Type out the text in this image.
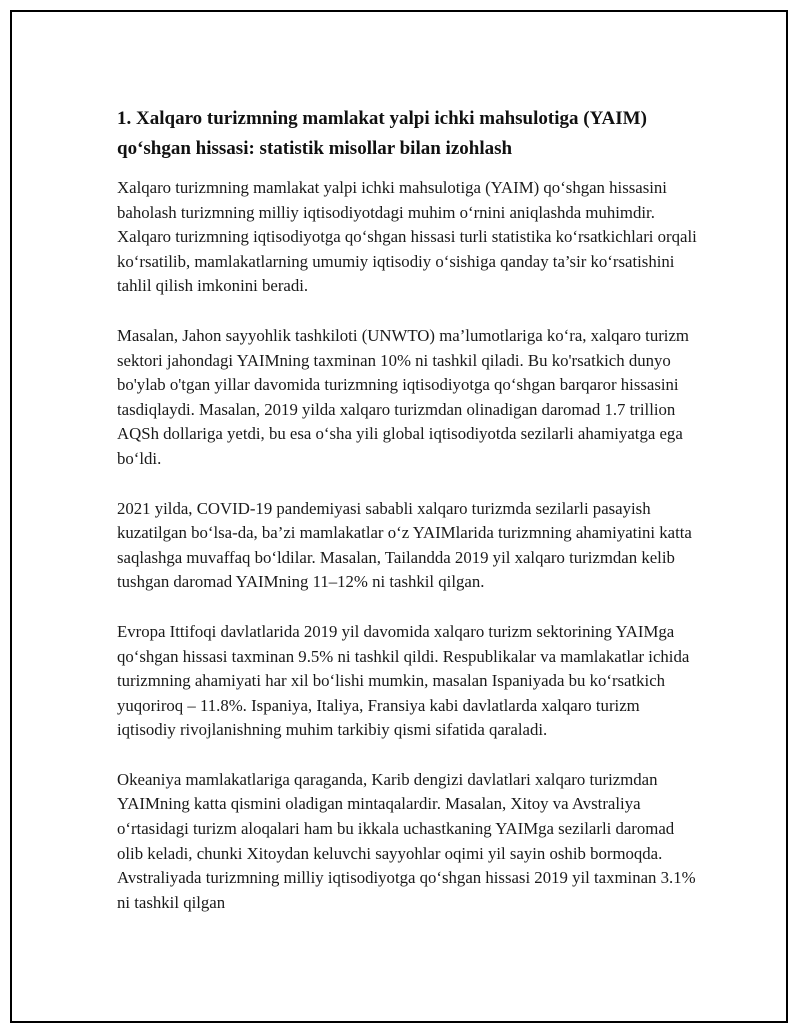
1. Xalqaro turizmning mamlakat yalpi ichki mahsulotiga (YAIM) qo‘shgan hissasi: statistik misollar bilan izohlash

Xalqaro turizmning mamlakat yalpi ichki mahsulotiga (YAIM) qo‘shgan hissasini baholash turizmning milliy iqtisodiyotdagi muhim o‘rnini aniqlashda muhimdir. Xalqaro turizmning iqtisodiyotga qo‘shgan hissasi turli statistika ko‘rsatkichlari orqali ko‘rsatilib, mamlakatlarning umumiy iqtisodiy o‘sishiga qanday ta’sir ko‘rsatishini tahlil qilish imkonini beradi.

Masalan, Jahon sayyohlik tashkiloti (UNWTO) ma’lumotlariga ko‘ra, xalqaro turizm sektori jahondagi YAIMning taxminan 10% ni tashkil qiladi. Bu ko'rsatkich dunyo bo'ylab o'tgan yillar davomida turizmning iqtisodiyotga qo‘shgan barqaror hissasini tasdiqlaydi. Masalan, 2019 yilda xalqaro turizmdan olinadigan daromad 1.7 trillion AQSh dollariga yetdi, bu esa o‘sha yili global iqtisodiyotda sezilarli ahamiyatga ega bo‘ldi.

2021 yilda, COVID-19 pandemiyasi sababli xalqaro turizmda sezilarli pasayish kuzatilgan bo‘lsa-da, ba’zi mamlakatlar o‘z YAIMlarida turizmning ahamiyatini katta saqlashga muvaffaq bo‘ldilar. Masalan, Tailandda 2019 yil xalqaro turizmdan kelib tushgan daromad YAIMning 11–12% ni tashkil qilgan.

Evropa Ittifoqi davlatlarida 2019 yil davomida xalqaro turizm sektorining YAIMga qo‘shgan hissasi taxminan 9.5% ni tashkil qildi. Respublikalar va mamlakatlar ichida turizmning ahamiyati har xil bo‘lishi mumkin, masalan Ispaniyada bu ko‘rsatkich yuqoriroq – 11.8%. Ispaniya, Italiya, Fransiya kabi davlatlarda xalqaro turizm iqtisodiy rivojlanishning muhim tarkibiy qismi sifatida qaraladi.

Okeaniya mamlakatlariga qaraganda, Karib dengizi davlatlari xalqaro turizmdan YAIMning katta qismini oladigan mintaqalardir. Masalan, Xitoy va Avstraliya o‘rtasidagi turizm aloqalari ham bu ikkala uchastkaning YAIMga sezilarli daromad olib keladi, chunki Xitoydan keluvchi sayyohlar oqimi yil sayin oshib bormoqda. Avstraliyada turizmning milliy iqtisodiyotga qo‘shgan hissasi 2019 yil taxminan 3.1% ni tashkil qilgan
